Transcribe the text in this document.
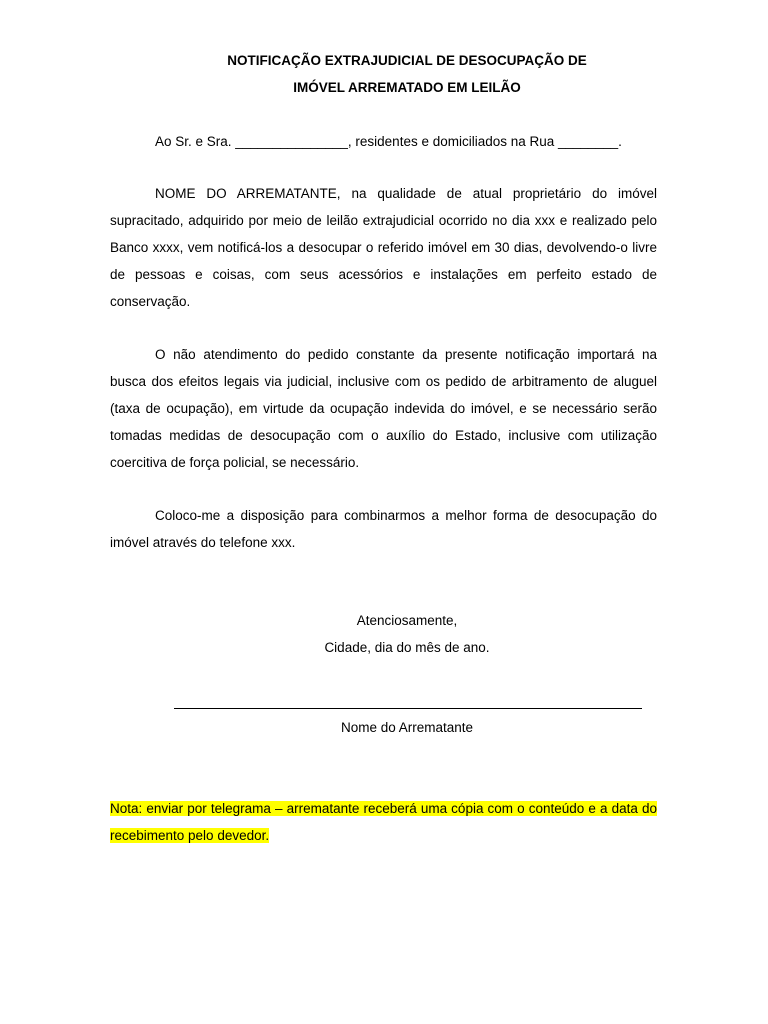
NOTIFICAÇÃO EXTRAJUDICIAL DE DESOCUPAÇÃO DE
IMÓVEL ARREMATADO EM LEILÃO

Ao Sr. e Sra. _______________, residentes e domiciliados na Rua ________.

NOME DO ARREMATANTE, na qualidade de atual proprietário do imóvel supracitado, adquirido por meio de leilão extrajudicial ocorrido no dia xxx e realizado pelo Banco xxxx, vem notificá-los a desocupar o referido imóvel em 30 dias, devolvendo-o livre de pessoas e coisas, com seus acessórios e instalações em perfeito estado de conservação.

O não atendimento do pedido constante da presente notificação importará na busca dos efeitos legais via judicial, inclusive com os pedido de arbitramento de aluguel (taxa de ocupação), em virtude da ocupação indevida do imóvel, e se necessário serão tomadas medidas de desocupação com o auxílio do Estado, inclusive com utilização coercitiva de força policial, se necessário.

Coloco-me a disposição para combinarmos a melhor forma de desocupação do imóvel através do telefone xxx.

Atenciosamente,

Cidade, dia do mês de ano.

Nome do Arrematante

Nota: enviar por telegrama – arrematante receberá uma cópia com o conteúdo e a data do recebimento pelo devedor.
